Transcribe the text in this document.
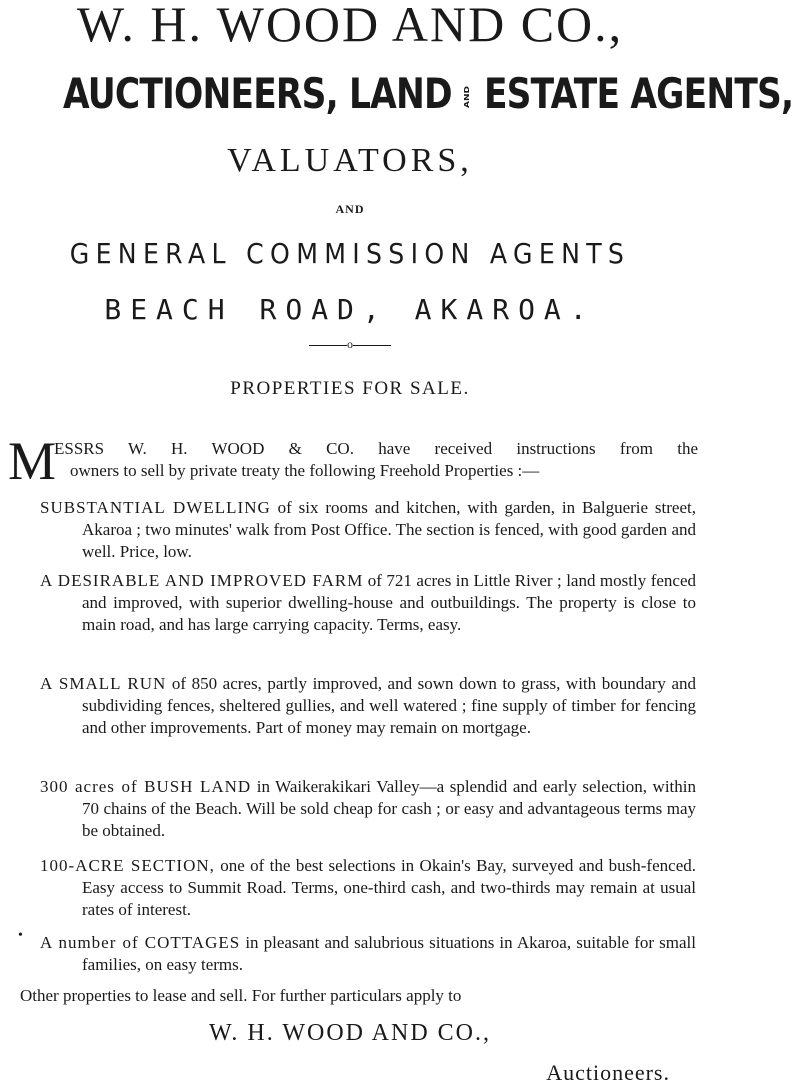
W. H. WOOD AND CO.,
AUCTIONEERS, LAND AND ESTATE AGENTS,
VALUATORS,
AND
GENERAL COMMISSION AGENTS
BEACH ROAD, AKAROA.
o
PROPERTIES FOR SALE.
M
ESSRS W. H. WOOD & CO. have received instructions from the
owners to sell by private treaty the following Freehold Properties :—
SUBSTANTIAL DWELLING of six rooms and kitchen, with garden, in Balguerie street, Akaroa ; two minutes' walk from Post Office. The section is fenced, with good garden and well. Price, low.
A DESIRABLE AND IMPROVED FARM of 721 acres in Little River ; land mostly fenced and improved, with superior dwelling-house and outbuildings. The property is close to main road, and has large carrying capacity. Terms, easy.
A SMALL RUN of 850 acres, partly improved, and sown down to grass, with boundary and subdividing fences, sheltered gullies, and well watered ; fine supply of timber for fencing and other improvements. Part of money may remain on mortgage.
300 acres of BUSH LAND in Waikerakikari Valley—a splendid and early selection, within 70 chains of the Beach. Will be sold cheap for cash ; or easy and advantageous terms may be obtained.
100-ACRE SECTION, one of the best selections in Okain's Bay, surveyed and bush-fenced. Easy access to Summit Road. Terms, one-third cash, and two-thirds may remain at usual rates of interest.
• A number of COTTAGES in pleasant and salubrious situations in Akaroa, suitable for small families, on easy terms.
Other properties to lease and sell. For further particulars apply to
W. H. WOOD AND CO.,
Auctioneers.
